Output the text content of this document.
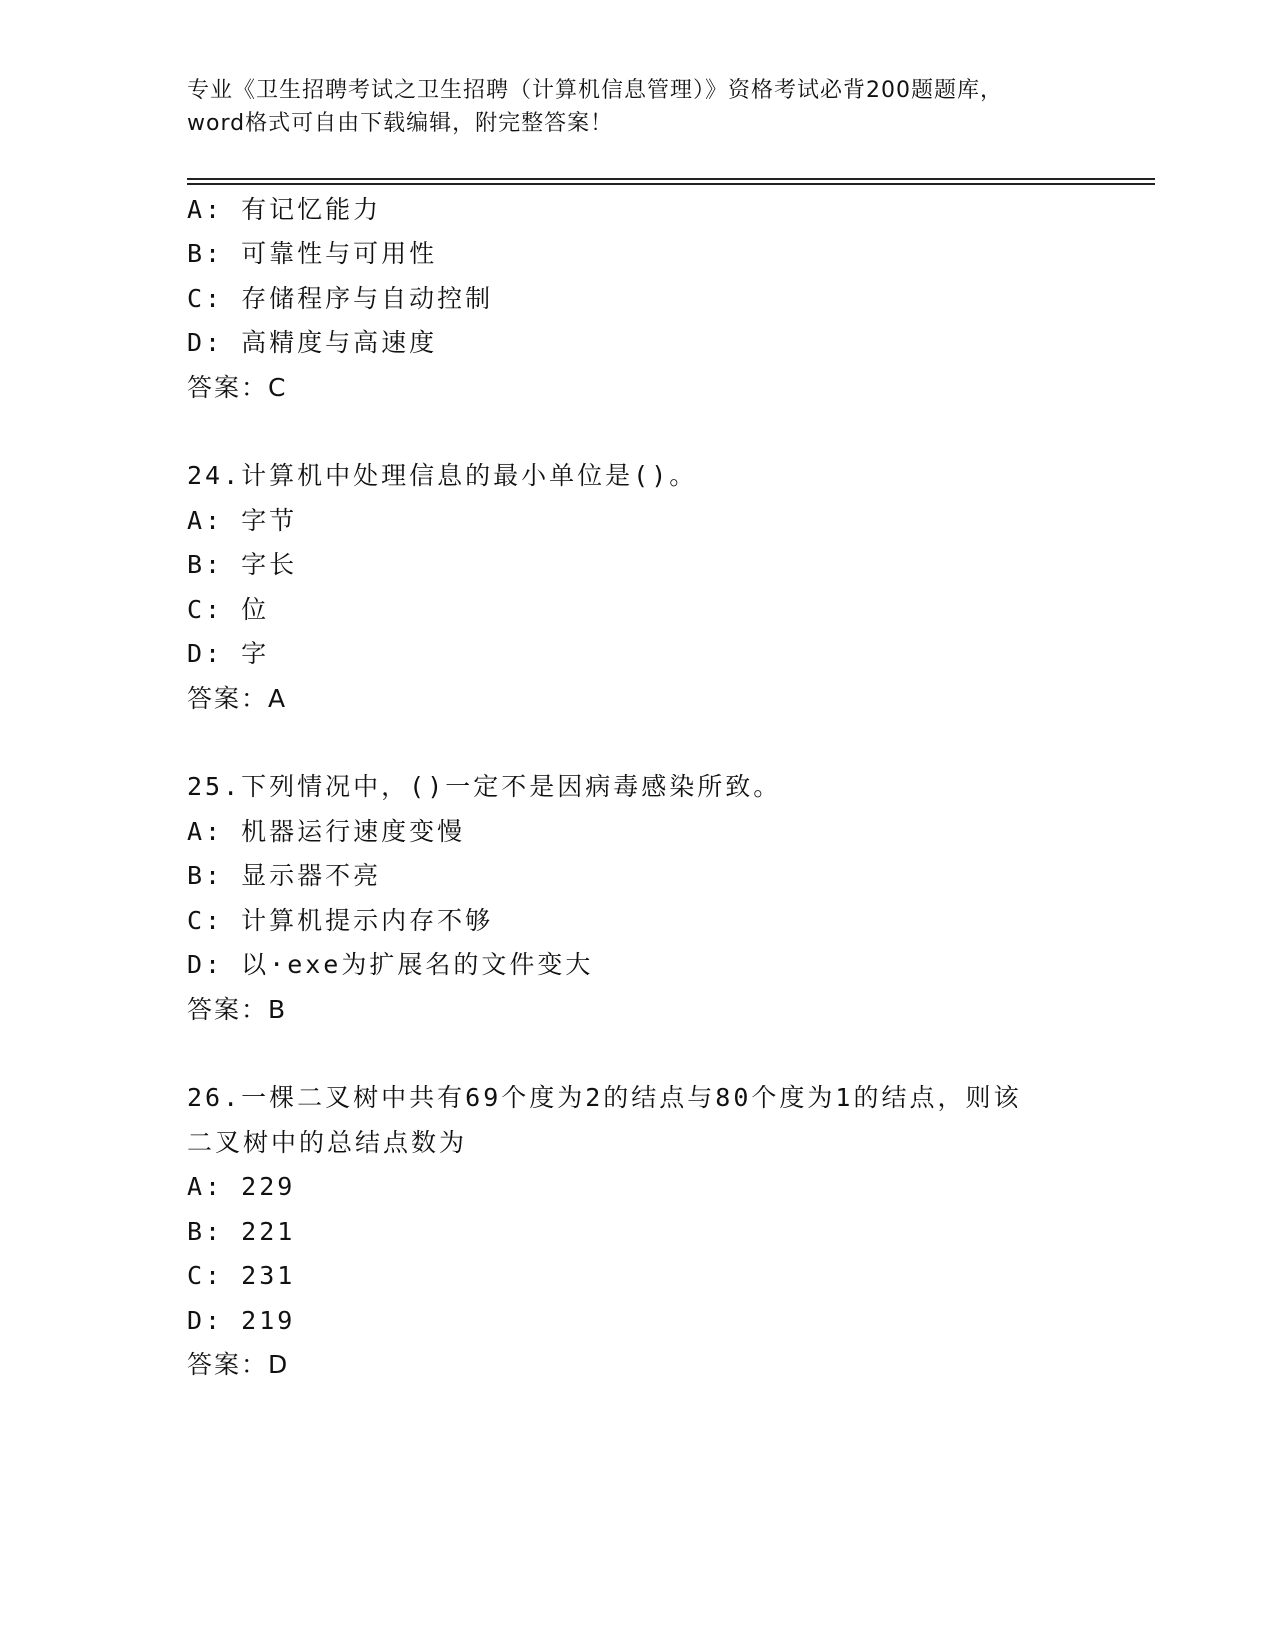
专业《卫生招聘考试之卫生招聘（计算机信息管理）》资格考试必背200题题库，
word格式可自由下载编辑，附完整答案！
A: 有记忆能力
B: 可靠性与可用性
C: 存储程序与自动控制
D: 高精度与高速度
答案：C
24.计算机中处理信息的最小单位是()。
A: 字节
B: 字长
C: 位
D: 字
答案：A
25.下列情况中，()一定不是因病毒感染所致。
A: 机器运行速度变慢
B: 显示器不亮
C: 计算机提示内存不够
D: 以·exe为扩展名的文件变大
答案：B
26.一棵二叉树中共有69个度为2的结点与80个度为1的结点，则该
二叉树中的总结点数为
A: 229
B: 221
C: 231
D: 219
答案：D
